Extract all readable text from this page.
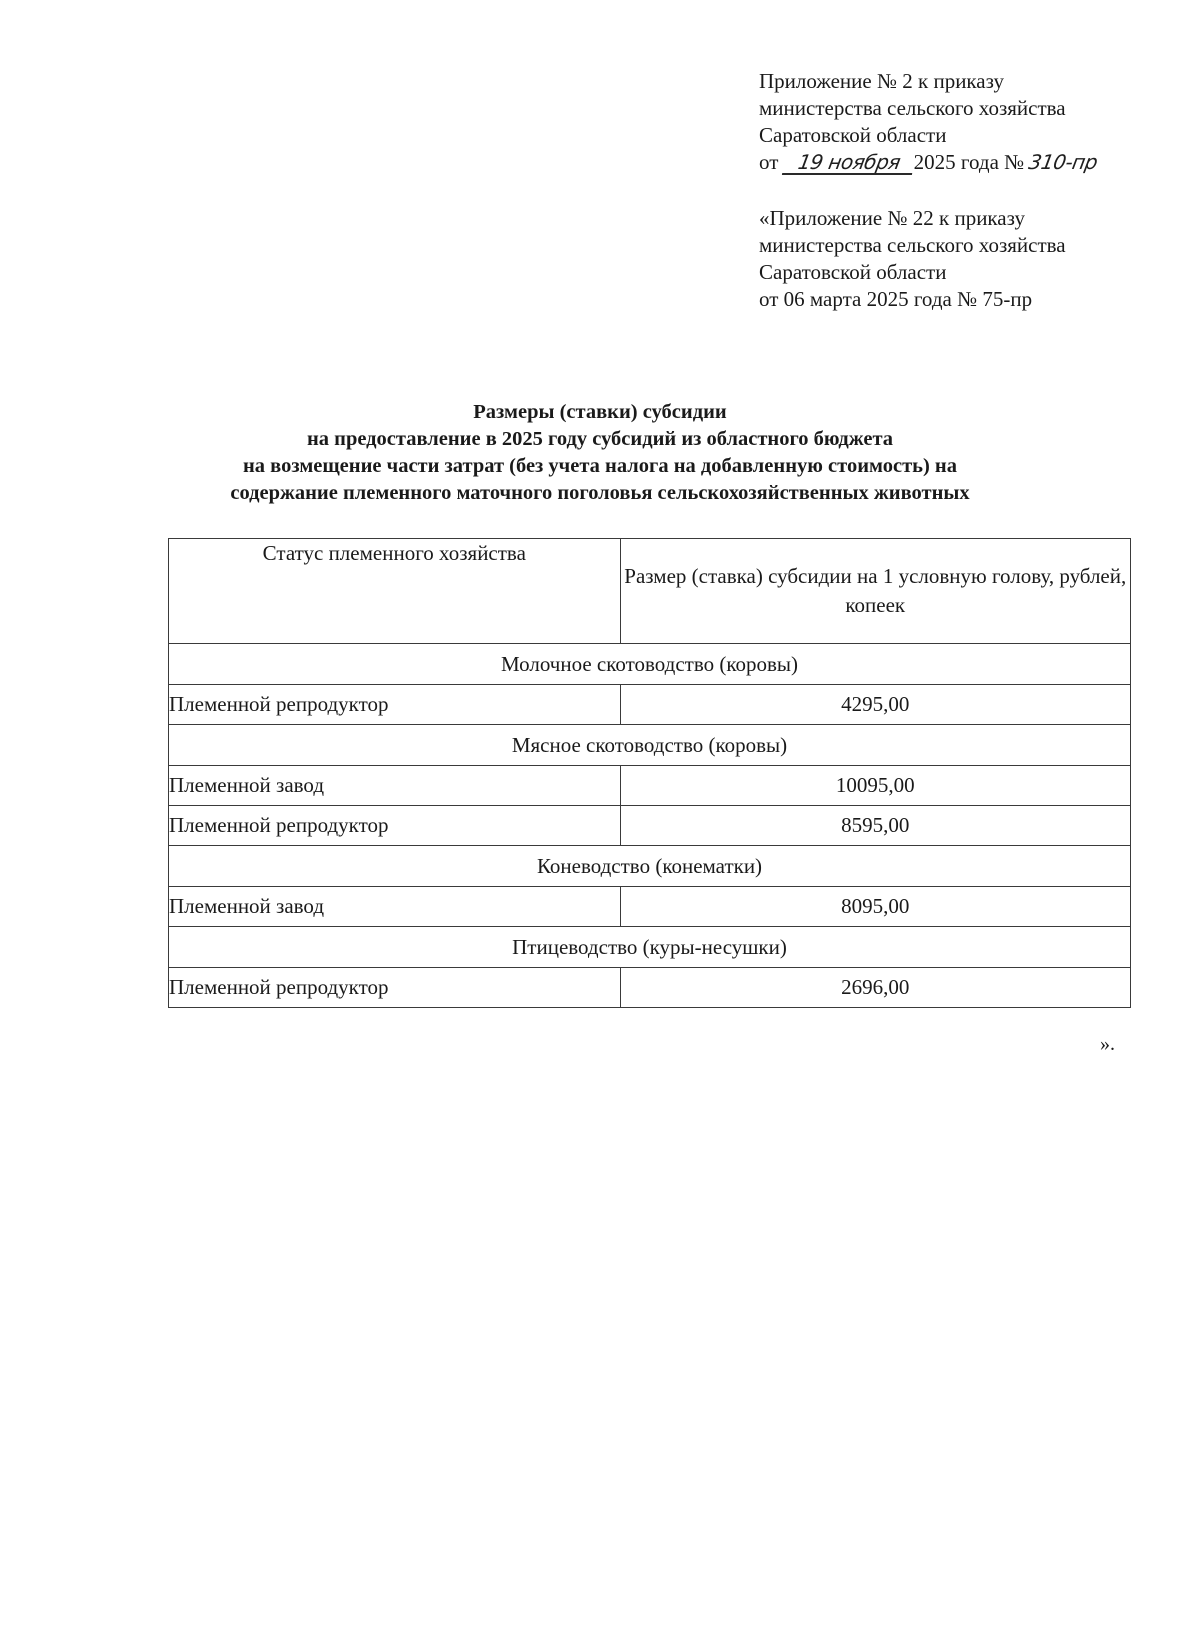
Приложение № 2 к приказу
министерства сельского хозяйства
Саратовской области
от 19 ноября 2025 года № 310-пр
«Приложение № 22 к приказу
министерства сельского хозяйства
Саратовской области
от 06 марта 2025 года № 75-пр
Размеры (ставки) субсидии
на предоставление в 2025 году субсидий из областного бюджета
на возмещение части затрат (без учета налога на добавленную стоимость) на
содержание племенного маточного поголовья сельскохозяйственных животных
Статус племенного хозяйства	Размер (ставка) субсидии на 1 условную голову, рублей, копеек
Молочное скотоводство (коровы)	
Племенной репродуктор	4295,00
Мясное скотоводство (коровы)	
Племенной завод	10095,00
Племенной репродуктор	8595,00
Коневодство (конематки)	
Племенной завод	8095,00
Птицеводство (куры-несушки)	
Племенной репродуктор	2696,00
».
